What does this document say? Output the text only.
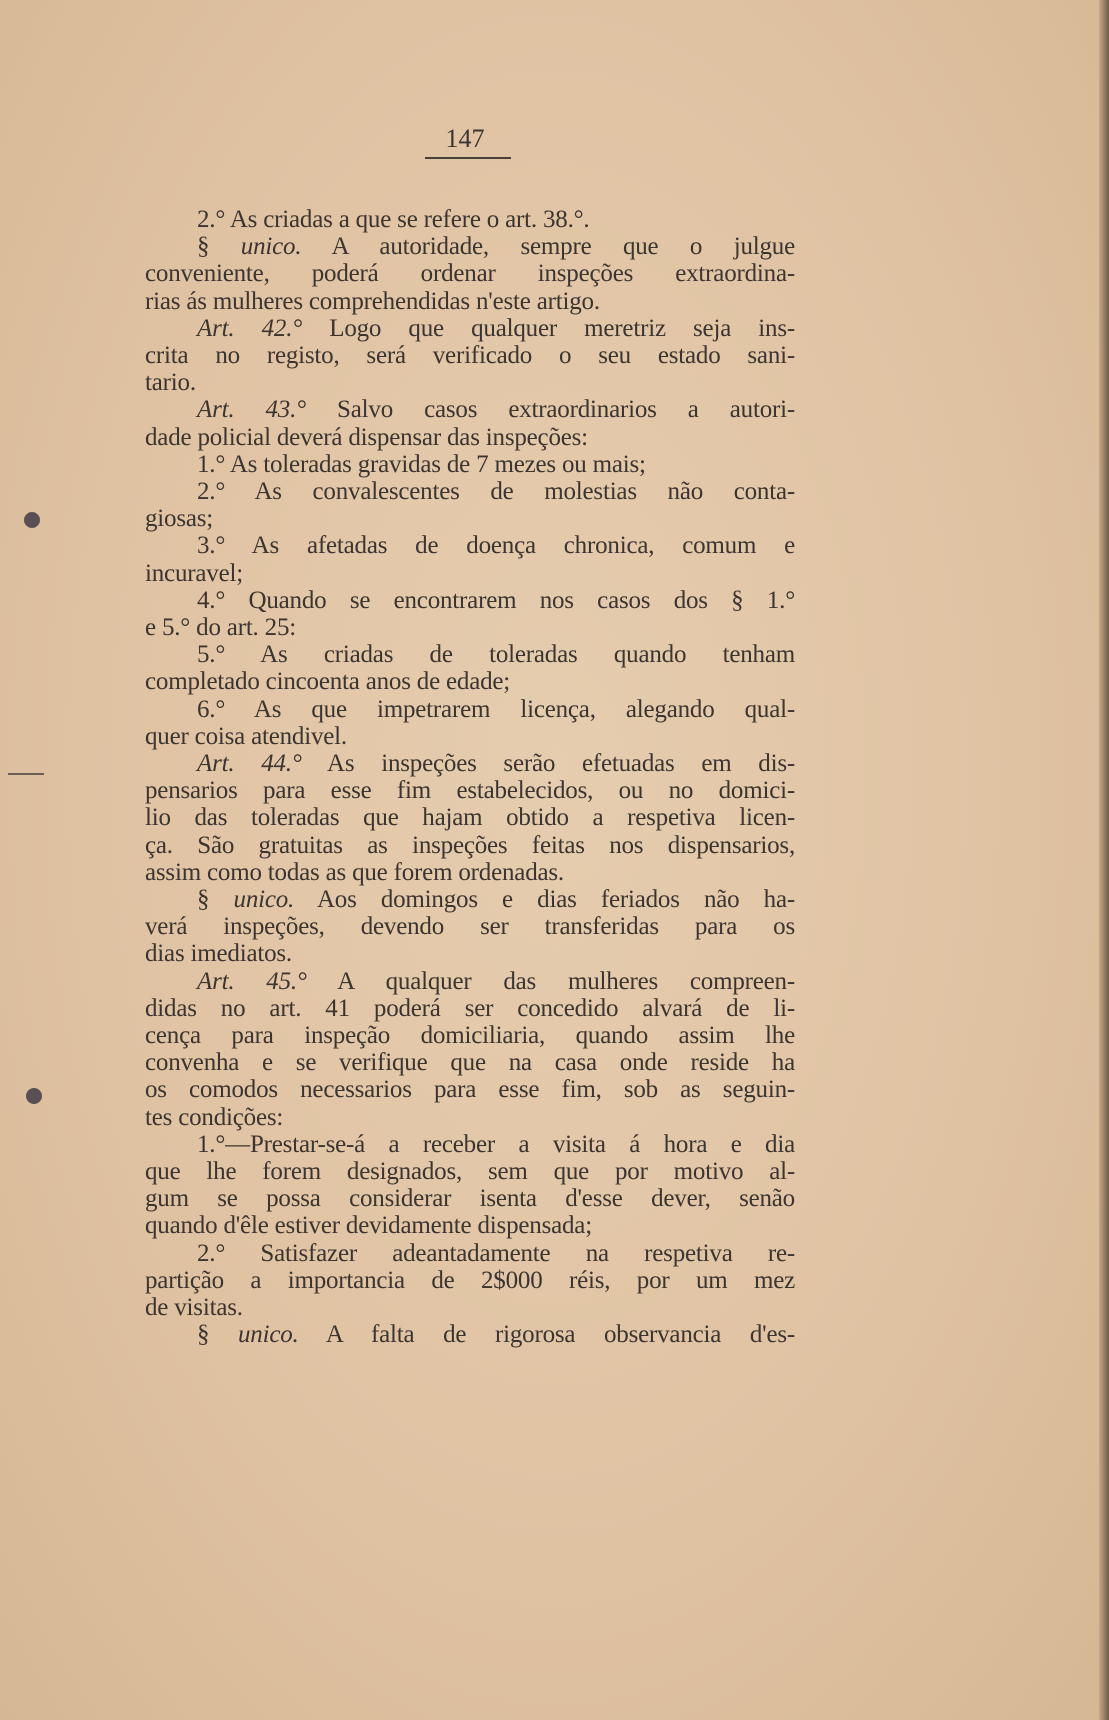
147
2.° As criadas a que se refere o art. 38.°.
§ unico. A autoridade, sempre que o julgue
conveniente, poderá ordenar inspeções extraordina-
rias ás mulheres comprehendidas n'este artigo.
Art. 42.° Logo que qualquer meretriz seja ins-
crita no registo, será verificado o seu estado sani-
tario.
Art. 43.° Salvo casos extraordinarios a autori-
dade policial deverá dispensar das inspeções:
1.° As toleradas gravidas de 7 mezes ou mais;
2.° As convalescentes de molestias não conta-
giosas;
3.° As afetadas de doença chronica, comum e
incuravel;
4.° Quando se encontrarem nos casos dos § 1.°
e 5.° do art. 25:
5.° As criadas de toleradas quando tenham
completado cincoenta anos de edade;
6.° As que impetrarem licença, alegando qual-
quer coisa atendivel.
Art. 44.° As inspeções serão efetuadas em dis-
pensarios para esse fim estabelecidos, ou no domici-
lio das toleradas que hajam obtido a respetiva licen-
ça. São gratuitas as inspeções feitas nos dispensarios,
assim como todas as que forem ordenadas.
§ unico. Aos domingos e dias feriados não ha-
verá inspeções, devendo ser transferidas para os
dias imediatos.
Art. 45.° A qualquer das mulheres compreen-
didas no art. 41 poderá ser concedido alvará de li-
cença para inspeção domiciliaria, quando assim lhe
convenha e se verifique que na casa onde reside ha
os comodos necessarios para esse fim, sob as seguin-
tes condições:
1.°—Prestar-se-á a receber a visita á hora e dia
que lhe forem designados, sem que por motivo al-
gum se possa considerar isenta d'esse dever, senão
quando d'êle estiver devidamente dispensada;
2.° Satisfazer adeantadamente na respetiva re-
partição a importancia de 2$000 réis, por um mez
de visitas.
§ unico. A falta de rigorosa observancia d'es-
